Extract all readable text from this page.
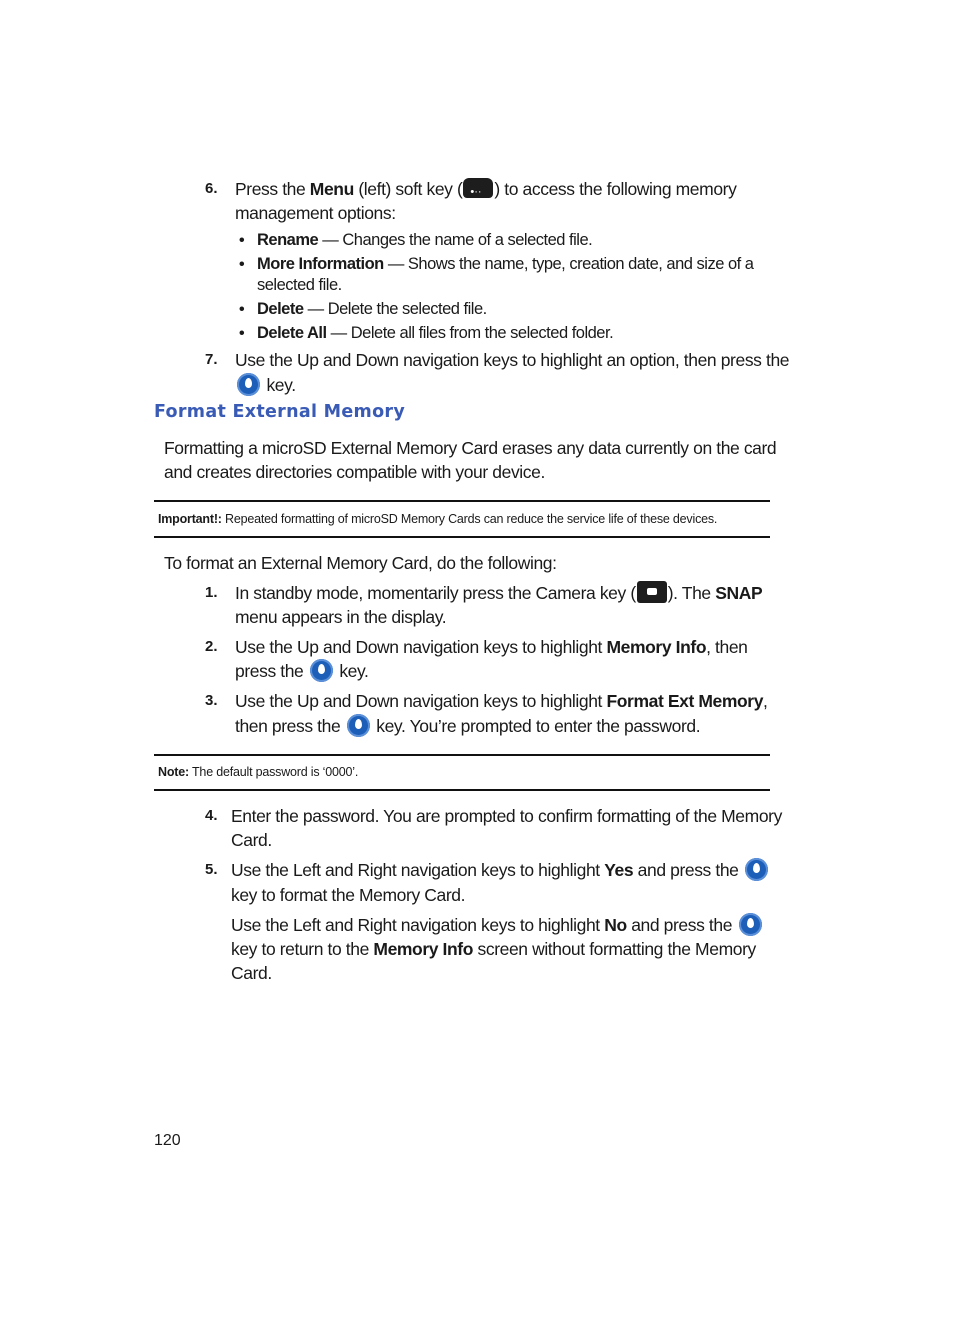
6. Press the Menu (left) soft key (•·· ) to access the following memory
management options:
• Rename — Changes the name of a selected file.
• More Information — Shows the name, type, creation date, and size of a
selected file.
• Delete — Delete the selected file.
• Delete All — Delete all files from the selected folder.
7. Use the Up and Down navigation keys to highlight an option, then press the
key.
Format External Memory
Formatting a microSD External Memory Card erases any data currently on the card
and creates directories compatible with your device.
Important!: Repeated formatting of microSD Memory Cards can reduce the service life of these devices.
To format an External Memory Card, do the following:
1. In standby mode, momentarily press the Camera key ( ). The SNAP
menu appears in the display.
2. Use the Up and Down navigation keys to highlight Memory Info, then
press the  key.
3. Use the Up and Down navigation keys to highlight Format Ext Memory,
then press the  key. You’re prompted to enter the password.
Note: The default password is ‘0000’.
4. Enter the password. You are prompted to confirm formatting of the Memory
Card.
5. Use the Left and Right navigation keys to highlight Yes and press the
key to format the Memory Card.
Use the Left and Right navigation keys to highlight No and press the
key to return to the Memory Info screen without formatting the Memory
Card.
120
